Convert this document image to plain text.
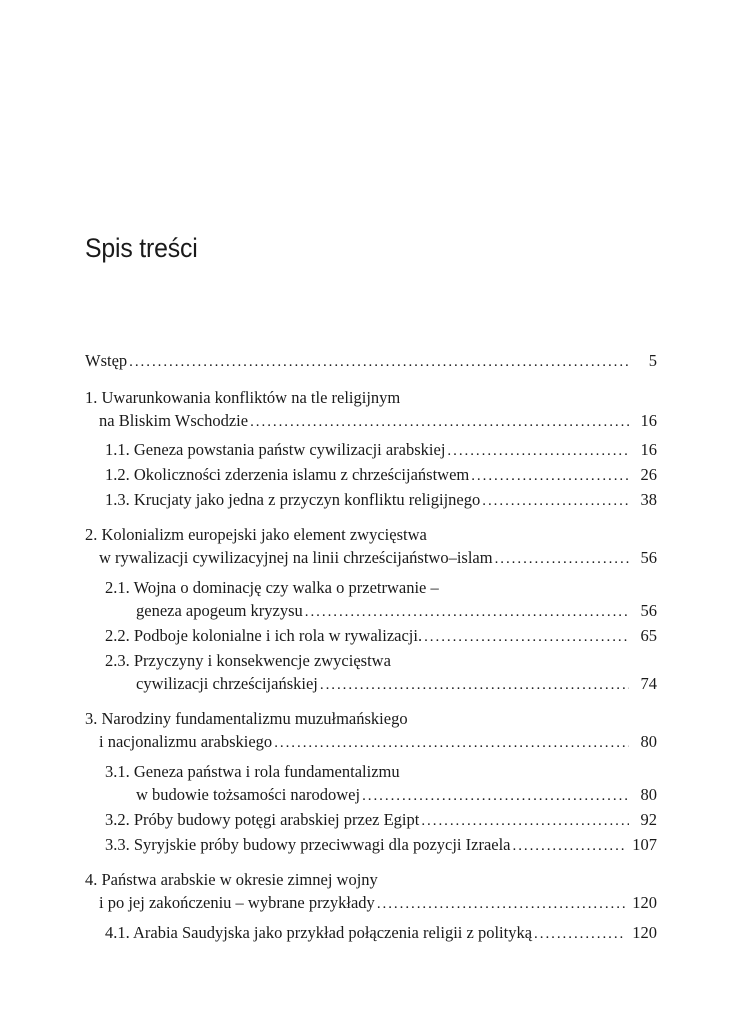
Spis treści
Wstęp . . .	5
1. Uwarunkowania konfliktów na tle religijnym
na Bliskim Wschodzie . . .	16
1.1. Geneza powstania państw cywilizacji arabskiej . . .	16
1.2. Okoliczności zderzenia islamu z chrześcijaństwem . . .	26
1.3. Krucjaty jako jedna z przyczyn konfliktu religijnego . . .	38
2. Kolonializm europejski jako element zwycięstwa
w rywalizacji cywilizacyjnej na linii chrześcijaństwo–islam . . .	56
2.1. Wojna o dominację czy walka o przetrwanie –
geneza apogeum kryzysu . . .	56
2.2. Podboje kolonialne i ich rola w rywalizacji. . . .	65
2.3. Przyczyny i konsekwencje zwycięstwa
cywilizacji chrześcijańskiej . . .	74
3. Narodziny fundamentalizmu muzułmańskiego
i nacjonalizmu arabskiego . . .	80
3.1. Geneza państwa i rola fundamentalizmu
w budowie tożsamości narodowej . . .	80
3.2. Próby budowy potęgi arabskiej przez Egipt . . .	92
3.3. Syryjskie próby budowy przeciwwagi dla pozycji Izraela . . .	107
4. Państwa arabskie w okresie zimnej wojny
i po jej zakończeniu – wybrane przykłady . . .	120
4.1. Arabia Saudyjska jako przykład połączenia religii z polityką . . .	120
